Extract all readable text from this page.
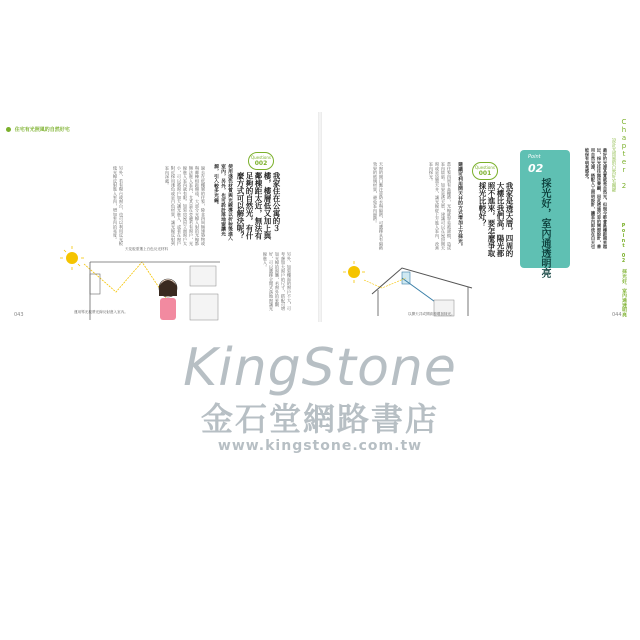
住宅有光照風的自然好宅
Questions
002
我家住在公寓的３樓，樓層低又加上與鄰棟距太近，無法有足夠的自然光，有什麼方式可以解決呢？
使用淺色材質與光線導以折射後進入室內，另外，也可設計落地窗讓光源，引入較多光線。
過去在低樓層的住家，除非四周無建築物或與鄰棟相距頗遠，大部分光線入射的光線都無法進入室內，尤其是在旁邊若有窗戶，光線進入室內就有限。如果房屋因立面窗戶太小，可以將窗戶加大讓光進入，或者在窗戶附近採用淺色或是白色材質，讓光線反射到室內深處。
另外，若有陽台或窗台，也可以利用反光板使光線反射進入室內，增加室內的亮度。
另外，如果樓面的窗戶不大，可考慮加大窗戶的尺寸，搭配可增加光線的窗簾，若窗外的景觀好，可以選擇全開式落地窗讓光線進入。
天花板需選上白色反光材料
運用導光板將光線反射進入室內。
043
Point
02
採光好，室內通透明亮	最好的光源其實就是自然光，但現今都會區樓距越來越近，採光往往無法兼顧，因此透過巧思的開窗設計，善用自然光源，搭配人工照明設計，讓室內即使在白天也能保有明亮感受。
Questions
001
我家是透天厝，四周的大樓比我們高，陽光都照不進來，要怎麼爭取採光比較好？
建議可利用開天井的方式增加上方採光。
當住家四周有高樓時，光線就容易被遮擋，造成室內陰暗。如果是透天厝，建議可以在屋頂開天窗或是設置天井，讓光線從上方進入室內，改善室內採光。
天窗的開口應注意防水與隔熱，可選擇具有隔熱效果的玻璃材質，避免室內過熱。
以開天井或開高窗增加採光。
Chapter 2
設計光照風的自然好宅關鍵
Point 02 採光好，室內通透明亮
044
KingStone
金石堂網路書店
www.kingstone.com.tw
